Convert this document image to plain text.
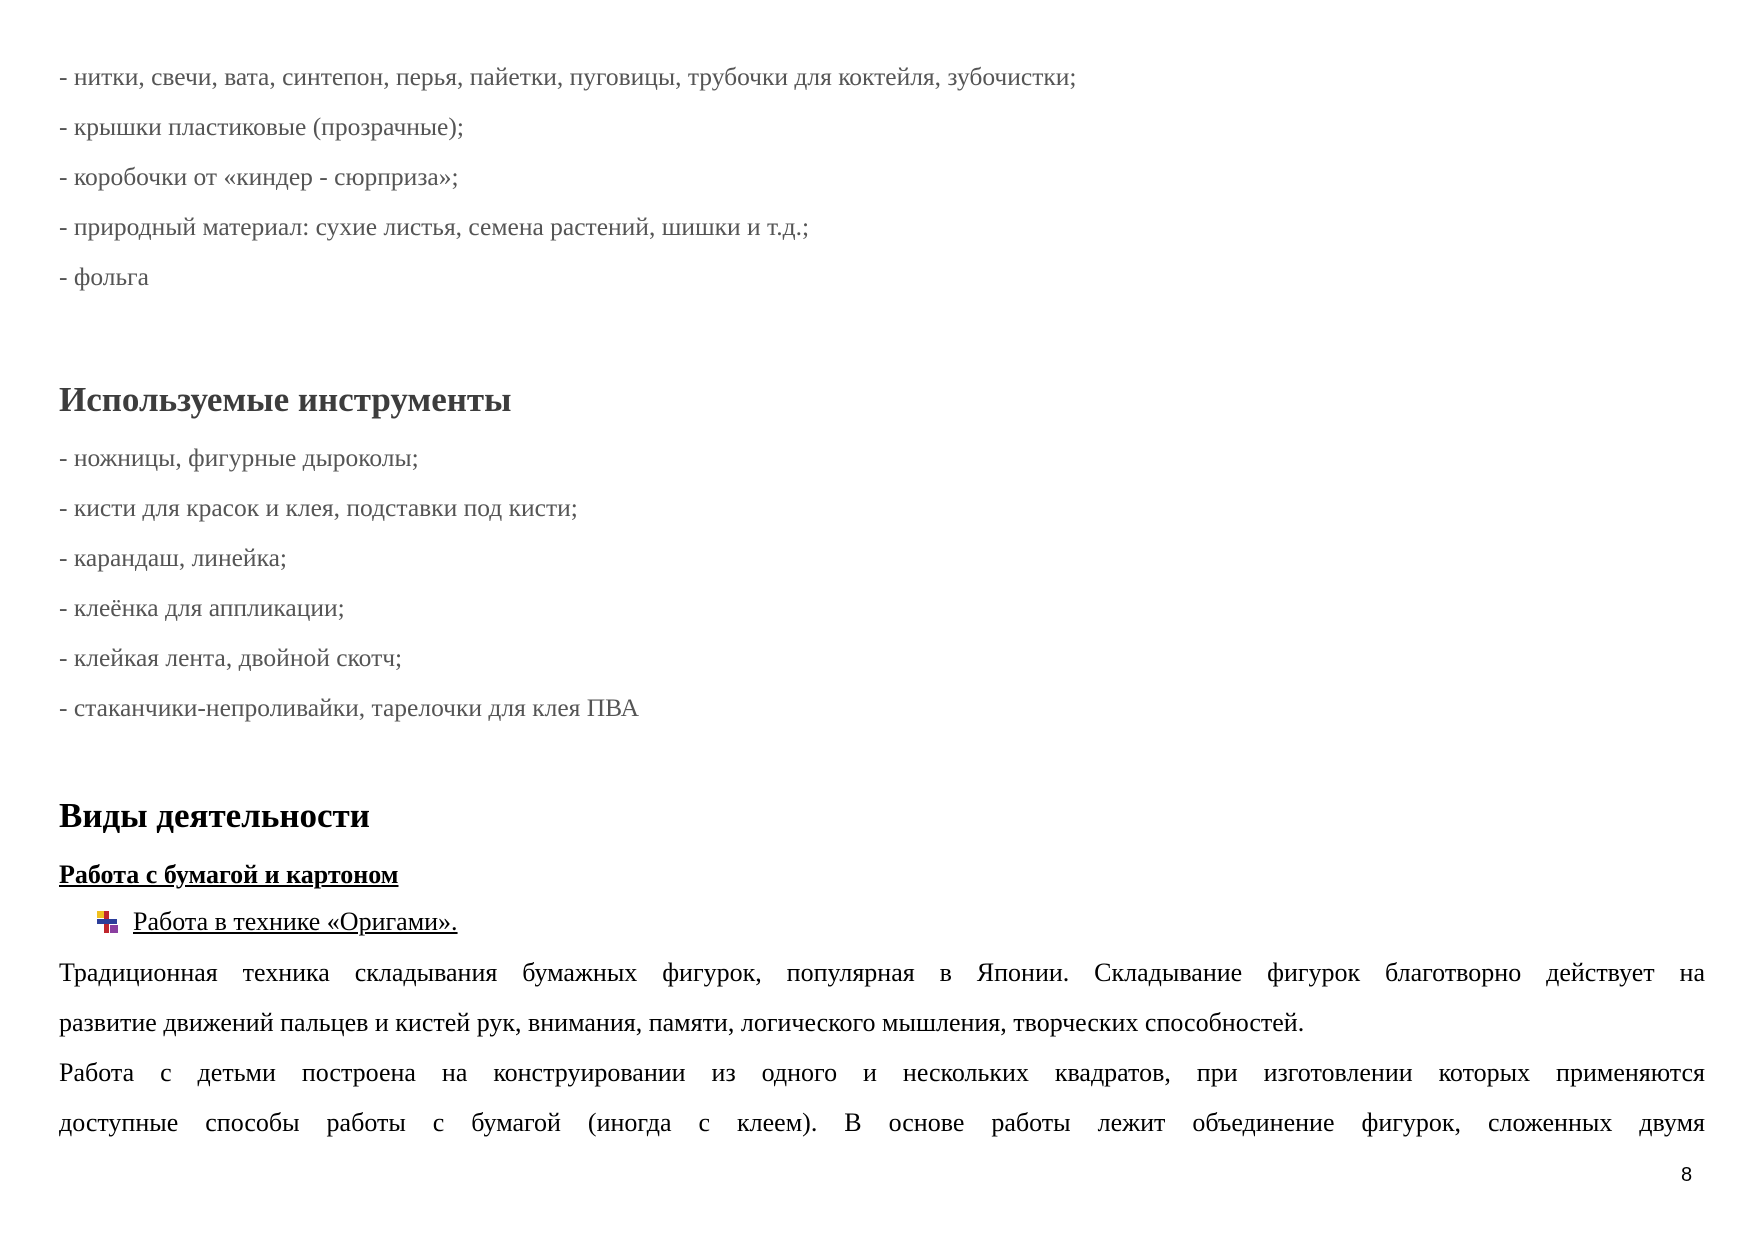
- нитки, свечи, вата, синтепон, перья, пайетки, пуговицы, трубочки для коктейля, зубочистки;
- крышки пластиковые (прозрачные);
- коробочки от «киндер - сюрприза»;
- природный материал: сухие листья, семена растений, шишки и т.д.;
- фольга
Используемые инструменты
- ножницы, фигурные дыроколы;
- кисти для красок и клея, подставки под кисти;
- карандаш, линейка;
- клеёнка для аппликации;
- клейкая лента, двойной скотч;
- стаканчики-непроливайки, тарелочки для клея ПВА
Виды деятельности
Работа с бумагой и картоном
Работа в технике «Оригами».
Традиционная техника складывания бумажных фигурок, популярная в Японии. Складывание фигурок благотворно действует на
развитие движений пальцев и кистей рук, внимания, памяти, логического мышления, творческих способностей.
Работа с детьми построена на конструировании из одного и нескольких квадратов, при изготовлении которых применяются
доступные способы работы с бумагой (иногда с клеем). В основе работы лежит объединение фигурок, сложенных двумя
8
